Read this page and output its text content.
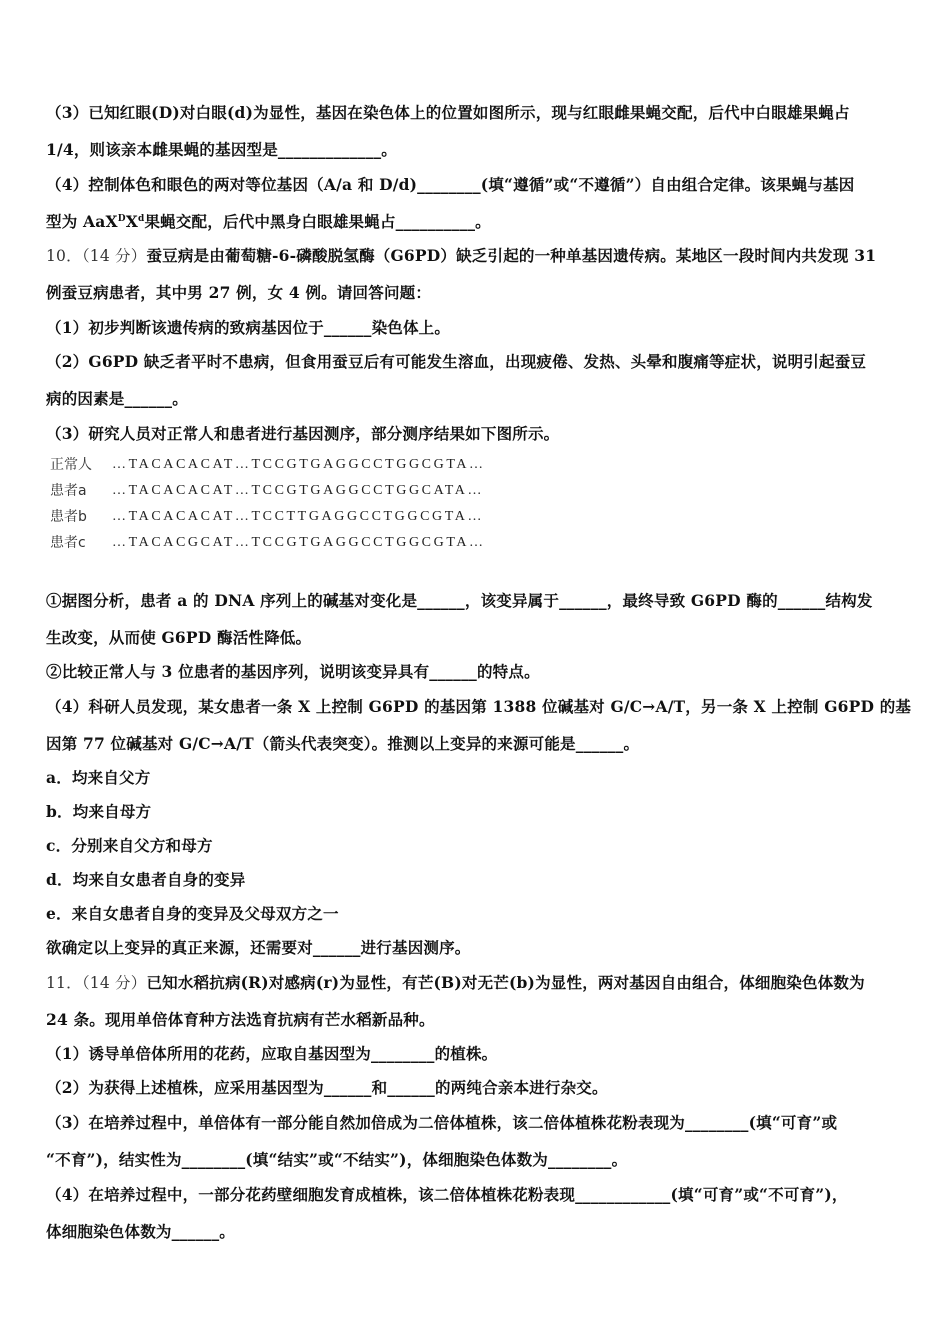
（3）已知红眼(D)对白眼(d)为显性，基因在染色体上的位置如图所示，现与红眼雌果蝇交配，后代中白眼雄果蝇占
1/4，则该亲本雌果蝇的基因型是_____________。
（4）控制体色和眼色的两对等位基因（A/a 和 D/d)________(填“遵循”或“不遵循”）自由组合定律。该果蝇与基因
型为 $AaX^DX^d$果蝇交配，后代中黑身白眼雄果蝇占__________。
10．（14 分）蚕豆病是由葡萄糖-6-磷酸脱氢酶（G6PD）缺乏引起的一种单基因遗传病。某地区一段时间内共发现 31
例蚕豆病患者，其中男 27 例，女 4 例。请回答问题：
（1）初步判断该遗传病的致病基因位于______染色体上。
（2）G6PD 缺乏者平时不患病，但食用蚕豆后有可能发生溶血，出现疲倦、发热、头晕和腹痛等症状，说明引起蚕豆
病的因素是______。
（3）研究人员对正常人和患者进行基因测序，部分测序结果如下图所示。
正常人	…TACACACAT…TCCGTGAGGCCTGGCGTA…
患者a	…TACACACAT…TCCGTGAGGCCTGGCATA…
患者b	…TACACACAT…TCCTTGAGGCCTGGCGTA…
患者c	…TACACGCAT…TCCGTGAGGCCTGGCGTA…
①据图分析，患者 a 的 DNA 序列上的碱基对变化是______，该变异属于______，最终导致 G6PD 酶的______结构发
生改变，从而使 G6PD 酶活性降低。
②比较正常人与 3 位患者的基因序列，说明该变异具有______的特点。
（4）科研人员发现，某女患者一条 X 上控制 G6PD 的基因第 1388 位碱基对 G/C→A/T，另一条 X 上控制 G6PD 的基
因第 77 位碱基对 G/C→A/T（箭头代表突变）。推测以上变异的来源可能是______。
a．均来自父方
b．均来自母方
c．分别来自父方和母方
d．均来自女患者自身的变异
e．来自女患者自身的变异及父母双方之一
欲确定以上变异的真正来源，还需要对______进行基因测序。
11．（14 分）已知水稻抗病(R)对感病(r)为显性，有芒(B)对无芒(b)为显性，两对基因自由组合，体细胞染色体数为
24 条。现用单倍体育种方法选育抗病有芒水稻新品种。
（1）诱导单倍体所用的花药，应取自基因型为________的植株。
（2）为获得上述植株，应采用基因型为______和______的两纯合亲本进行杂交。
（3）在培养过程中，单倍体有一部分能自然加倍成为二倍体植株，该二倍体植株花粉表现为________(填“可育”或
“不育”)，结实性为________(填“结实”或“不结实”)，体细胞染色体数为________。
（4）在培养过程中，一部分花药壁细胞发育成植株，该二倍体植株花粉表现____________(填“可育”或“不可育”)，
体细胞染色体数为______。
